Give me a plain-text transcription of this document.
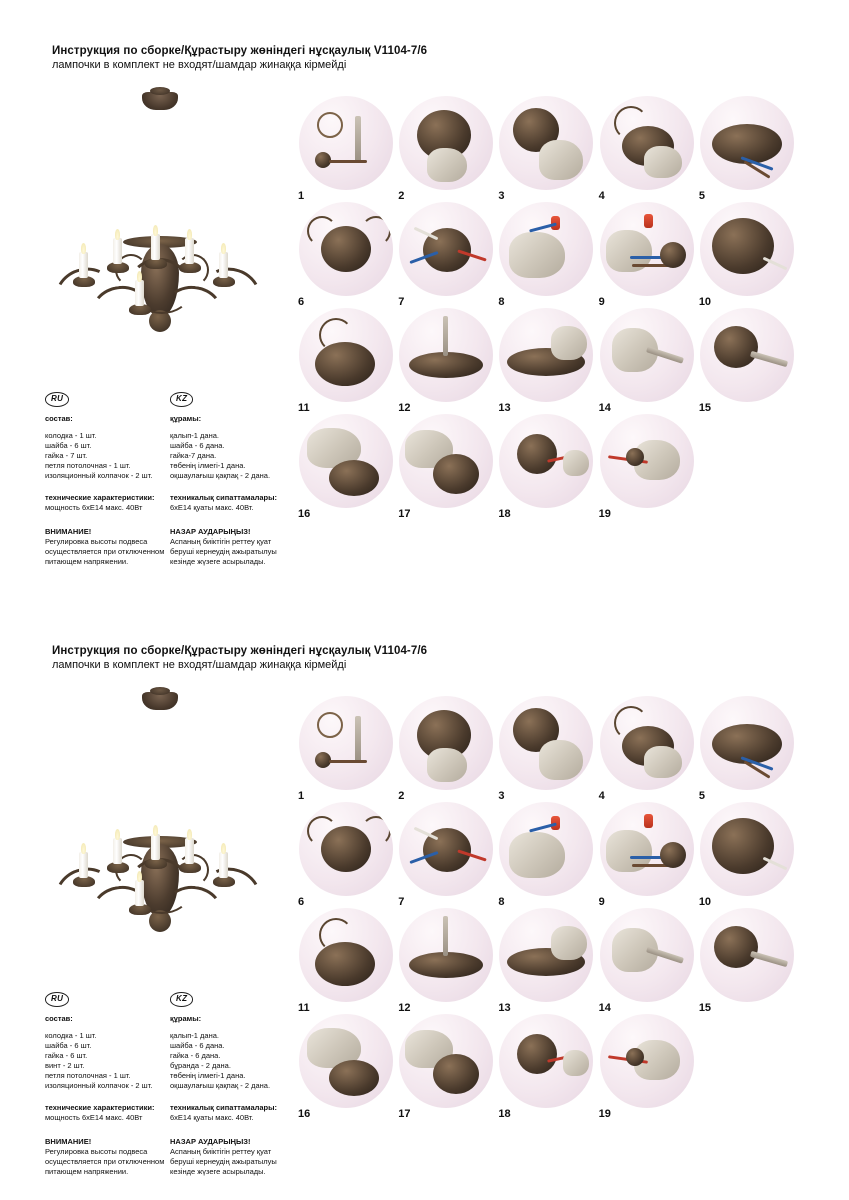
Инструкция по сборке/Құрастыру жөніндегі нұсқаулық V1104-7/6
лампочки в комплект не входят/шамдар жинаққа кірмейді
1	2	3	4	5
6	7	8	9	10
11	12	13	14	15
16	17	18	19
RU
состав:
колодка - 1 шт.
шайба - 6 шт.
гайка - 7 шт.
петля потолочная - 1 шт.
изоляционный колпачок - 2 шт.
технические характеристики:
мощность 6хЕ14 макс. 40Вт
ВНИМАНИЕ!
Регулировка высоты подвеса
осуществляется при отключенном
питающем напряжении.
KZ
құрамы:
қалып-1 дана.
шайба - 6 дана.
гайка-7 дана.
төбенің ілмегі-1 дана.
оқшаулағыш қақпақ - 2 дана.
техникалық сипаттамалары:
6хЕ14 қуаты мaкc. 40Вт.
НАЗАР АУДАРЫҢЫЗ!
Аспаның биіктігін реттеу қуат
беруші кернеудің ажыратылуы
кезінде жүзеге асырылады.
Инструкция по сборке/Құрастыру жөніндегі нұсқаулық V1104-7/6
лампочки в комплект не входят/шамдар жинаққа кірмейді
1	2	3	4	5
6	7	8	9	10
11	12	13	14	15
16	17	18	19
RU
состав:
колодка - 1 шт.
шайба - 6 шт.
гайка - 6 шт.
винт - 2 шт.
петля потолочная - 1 шт.
изоляционный колпачок - 2 шт.
технические характеристики:
мощность 6хЕ14 макс. 40Вт
ВНИМАНИЕ!
Регулировка высоты подвеса
осуществляется при отключенном
питающем напряжении.
KZ
құрамы:
қалып-1 дана.
шайба - 6 дана.
гайка - 6 дана.
бұранда - 2 дана.
төбенің ілмегі-1 дана.
оқшаулағыш қақпақ - 2 дана.
техникалық сипаттамалары:
6хЕ14 қуаты мaкc. 40Вт.
НАЗАР АУДАРЫҢЫЗ!
Аспаның биіктігін реттеу қуат
беруші кернеудің ажыратылуы
кезінде жүзеге асырылады.
